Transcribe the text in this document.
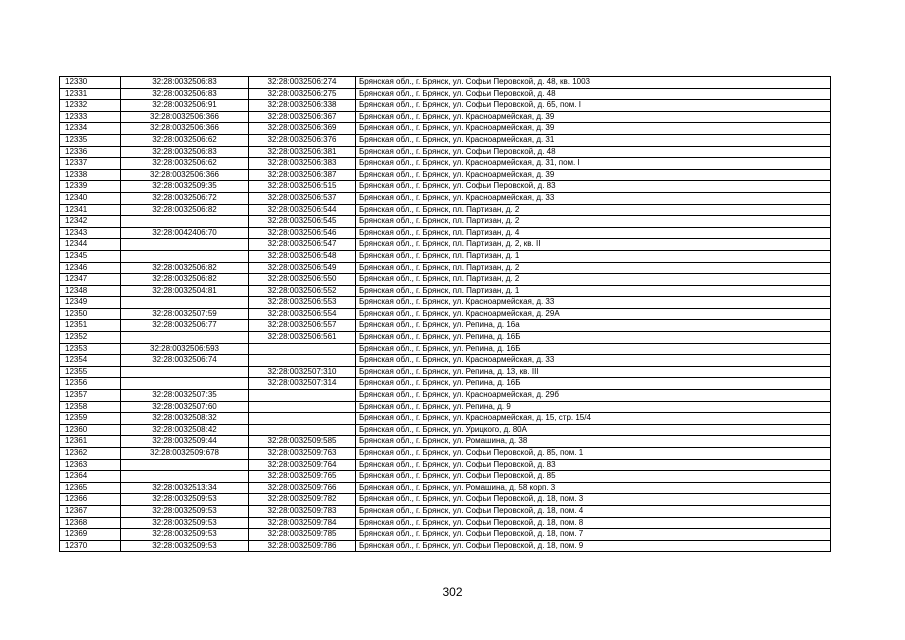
12330	32:28:0032506:83	32:28:0032506:274	Брянская обл., г. Брянск, ул. Софьи Перовской, д. 48, кв. 1003
12331	32:28:0032506:83	32:28:0032506:275	Брянская обл., г. Брянск, ул. Софьи Перовской, д. 48
12332	32:28:0032506:91	32:28:0032506:338	Брянская обл., г. Брянск, ул. Софьи Перовской, д. 65, пом. I
12333	32:28:0032506:366	32:28:0032506:367	Брянская обл., г. Брянск, ул. Красноармейская, д. 39
12334	32:28:0032506:366	32:28:0032506:369	Брянская обл., г. Брянск, ул. Красноармейская, д. 39
12335	32:28:0032506:62	32:28:0032506:376	Брянская обл., г. Брянск, ул. Красноармейская, д. 31
12336	32:28:0032506:83	32:28:0032506:381	Брянская обл., г. Брянск, ул. Софьи Перовской, д. 48
12337	32:28:0032506:62	32:28:0032506:383	Брянская обл., г. Брянск, ул. Красноармейская, д. 31, пом. I
12338	32:28:0032506:366	32:28:0032506:387	Брянская обл., г. Брянск, ул. Красноармейская, д. 39
12339	32:28:0032509:35	32:28:0032506:515	Брянская обл., г. Брянск, ул. Софьи Перовской, д. 83
12340	32:28:0032506:72	32:28:0032506:537	Брянская обл., г. Брянск, ул. Красноармейская, д. 33
12341	32:28:0032506:82	32:28:0032506:544	Брянская обл., г. Брянск, пл. Партизан, д. 2
12342		32:28:0032506:545	Брянская обл., г. Брянск, пл. Партизан, д. 2
12343	32:28:0042406:70	32:28:0032506:546	Брянская обл., г. Брянск, пл. Партизан, д. 4
12344		32:28:0032506:547	Брянская обл., г. Брянск, пл. Партизан, д. 2, кв. II
12345		32:28:0032506:548	Брянская обл., г. Брянск, пл. Партизан, д. 1
12346	32:28:0032506:82	32:28:0032506:549	Брянская обл., г. Брянск, пл. Партизан, д. 2
12347	32:28:0032506:82	32:28:0032506:550	Брянская обл., г. Брянск, пл. Партизан, д. 2
12348	32:28:0032504:81	32:28:0032506:552	Брянская обл., г. Брянск, пл. Партизан, д. 1
12349		32:28:0032506:553	Брянская обл., г. Брянск, ул. Красноармейская, д. 33
12350	32:28:0032507:59	32:28:0032506:554	Брянская обл., г. Брянск, ул. Красноармейская, д. 29А
12351	32:28:0032506:77	32:28:0032506:557	Брянская обл., г. Брянск, ул. Репина, д. 16а
12352		32:28:0032506:561	Брянская обл., г. Брянск, ул. Репина, д. 16Б
12353	32:28:0032506:593		Брянская обл., г. Брянск, ул. Репина, д. 16Б
12354	32:28:0032506:74		Брянская обл., г. Брянск, ул. Красноармейская, д. 33
12355		32:28:0032507:310	Брянская обл., г. Брянск, ул. Репина, д. 13, кв. III
12356		32:28:0032507:314	Брянская обл., г. Брянск, ул. Репина, д. 16Б
12357	32:28:0032507:35		Брянская обл., г. Брянск, ул. Красноармейская, д. 29б
12358	32:28:0032507:60		Брянская обл., г. Брянск, ул. Репина, д. 9
12359	32:28:0032508:32		Брянская обл., г. Брянск, ул. Красноармейская, д. 15, стр. 15/4
12360	32:28:0032508:42		Брянская обл., г. Брянск, ул. Урицкого, д. 80А
12361	32:28:0032509:44	32:28:0032509:585	Брянская обл., г. Брянск, ул. Ромашина, д. 38
12362	32:28:0032509:678	32:28:0032509:763	Брянская обл., г. Брянск, ул. Софьи Перовской, д. 85, пом. 1
12363		32:28:0032509:764	Брянская обл., г. Брянск, ул. Софьи Перовской, д. 83
12364		32:28:0032509:765	Брянская обл., г. Брянск, ул. Софьи Перовской, д. 85
12365	32:28:0032513:34	32:28:0032509:766	Брянская обл., г. Брянск, ул. Ромашина, д. 58 корп. 3
12366	32:28:0032509:53	32:28:0032509:782	Брянская обл., г. Брянск, ул. Софьи Перовской, д. 18, пом. 3
12367	32:28:0032509:53	32:28:0032509:783	Брянская обл., г. Брянск, ул. Софьи Перовской, д. 18, пом. 4
12368	32:28:0032509:53	32:28:0032509:784	Брянская обл., г. Брянск, ул. Софьи Перовской, д. 18, пом. 8
12369	32:28:0032509:53	32:28:0032509:785	Брянская обл., г. Брянск, ул. Софьи Перовской, д. 18, пом. 7
12370	32:28:0032509:53	32:28:0032509:786	Брянская обл., г. Брянск, ул. Софьи Перовской, д. 18, пом. 9
302
